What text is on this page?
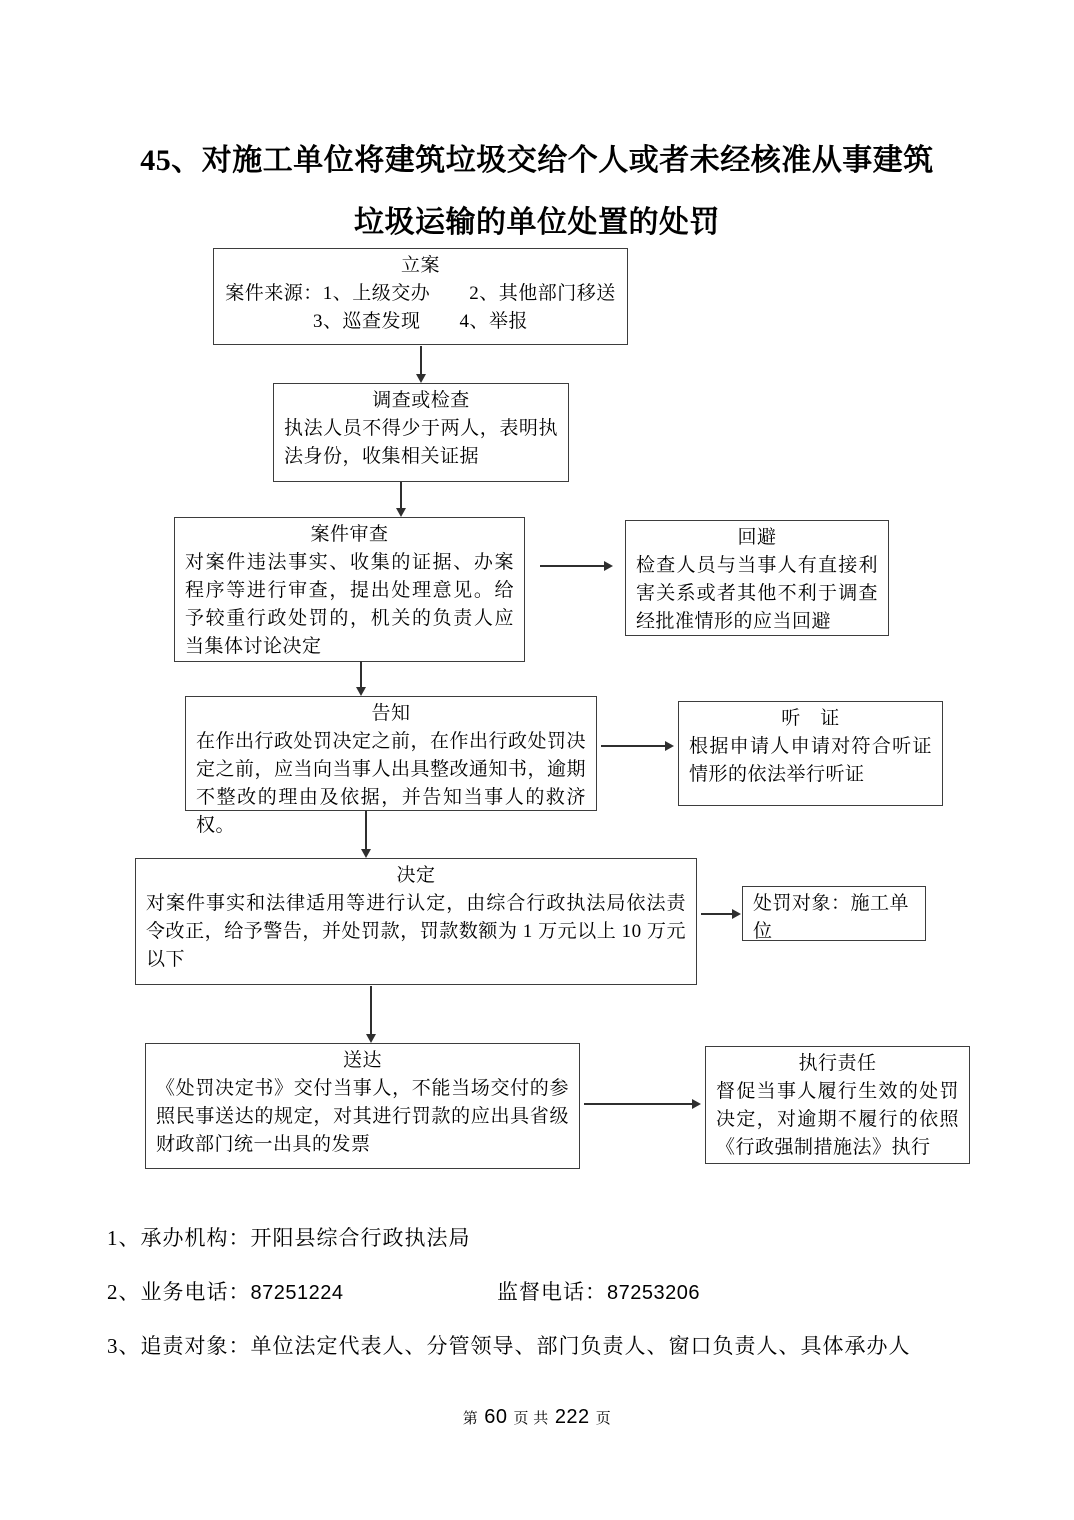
45、对施工单位将建筑垃圾交给个人或者未经核准从事建筑
垃圾运输的单位处置的处罚
立案
案件来源：1、上级交办　　2、其他部门移送
3、巡查发现　　4、举报
调查或检查
执法人员不得少于两人，表明执法身份，收集相关证据
案件审查
对案件违法事实、收集的证据、办案程序等进行审查，提出处理意见。给予较重行政处罚的，机关的负责人应当集体讨论决定
回避
检查人员与当事人有直接利害关系或者其他不利于调查经批准情形的应当回避
告知
在作出行政处罚决定之前，在作出行政处罚决定之前，应当向当事人出具整改通知书，逾期不整改的理由及依据，并告知当事人的救济权。
听　证
根据申请人申请对符合听证情形的依法举行听证
决定
对案件事实和法律适用等进行认定，由综合行政执法局依法责令改正，给予警告，并处罚款，罚款数额为 1 万元以上 10 万元以下
处罚对象：施工单位
送达
《处罚决定书》交付当事人，不能当场交付的参照民事送达的规定，对其进行罚款的应出具省级财政部门统一出具的发票
执行责任
督促当事人履行生效的处罚决定，对逾期不履行的依照《行政强制措施法》执行
1、承办机构：开阳县综合行政执法局
2、业务电话：87251224	监督电话：87253206
3、追责对象：单位法定代表人、分管领导、部门负责人、窗口负责人、具体承办人
第 60 页 共 222 页
